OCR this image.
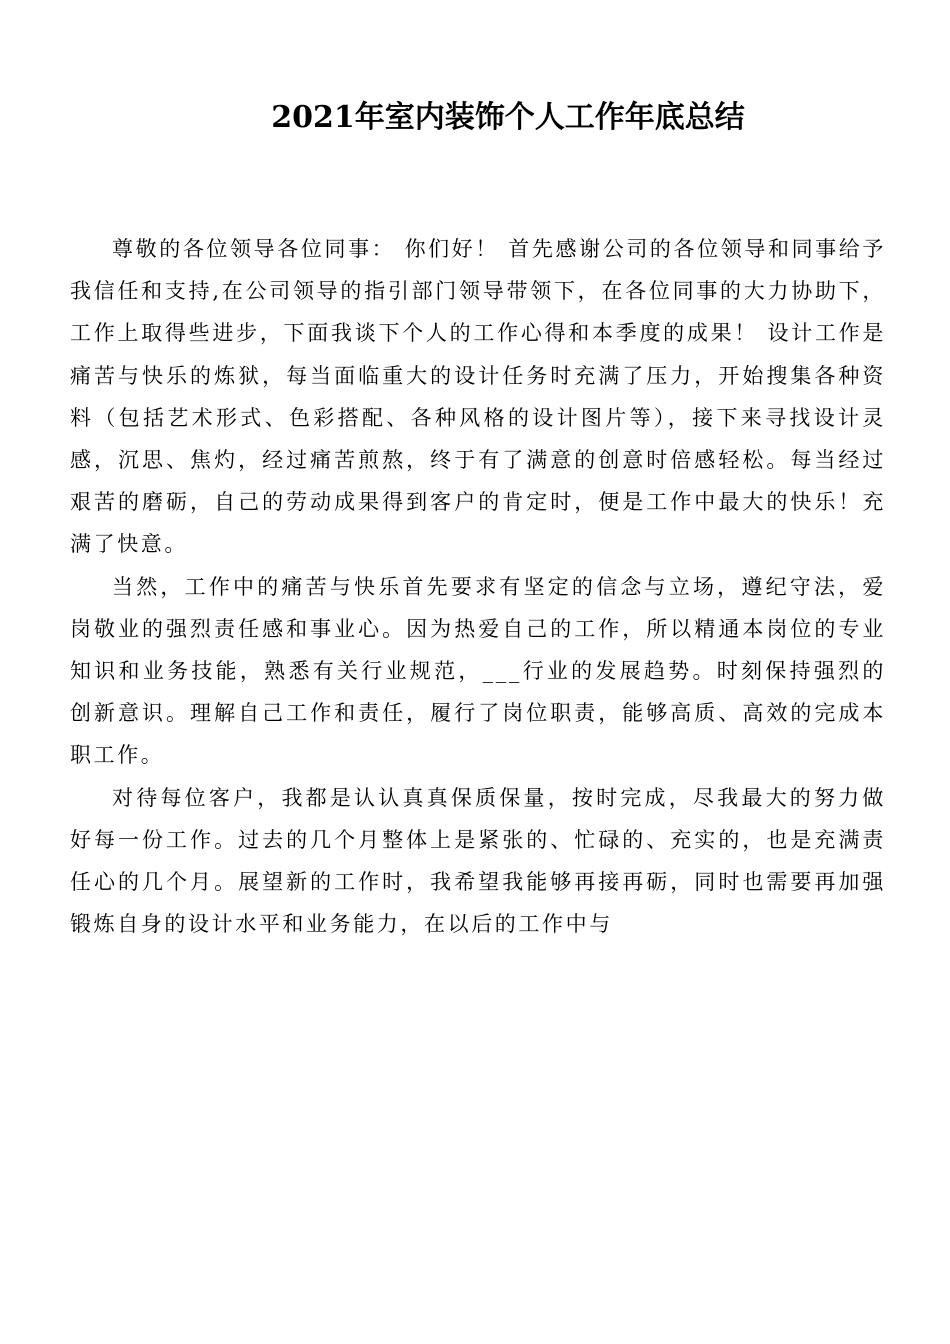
2021年室内装饰个人工作年底总结

尊敬的各位领导各位同事： 你们好！ 首先感谢公司的各位领导和同事给予我信任和支持,在公司领导的指引部门领导带领下，在各位同事的大力协助下，工作上取得些进步，下面我谈下个人的工作心得和本季度的成果！ 设计工作是痛苦与快乐的炼狱，每当面临重大的设计任务时充满了压力，开始搜集各种资料（包括艺术形式、色彩搭配、各种风格的设计图片等），接下来寻找设计灵感，沉思、焦灼，经过痛苦煎熬，终于有了满意的创意时倍感轻松。每当经过艰苦的磨砺，自己的劳动成果得到客户的肯定时，便是工作中最大的快乐！充满了快意。

当然，工作中的痛苦与快乐首先要求有坚定的信念与立场，遵纪守法，爱岗敬业的强烈责任感和事业心。因为热爱自己的工作，所以精通本岗位的专业知识和业务技能，熟悉有关行业规范，___行业的发展趋势。时刻保持强烈的创新意识。理解自己工作和责任，履行了岗位职责，能够高质、高效的完成本职工作。

对待每位客户，我都是认认真真保质保量，按时完成，尽我最大的努力做好每一份工作。过去的几个月整体上是紧张的、忙碌的、充实的，也是充满责任心的几个月。展望新的工作时，我希望我能够再接再砺，同时也需要再加强锻炼自身的设计水平和业务能力，在以后的工作中与
